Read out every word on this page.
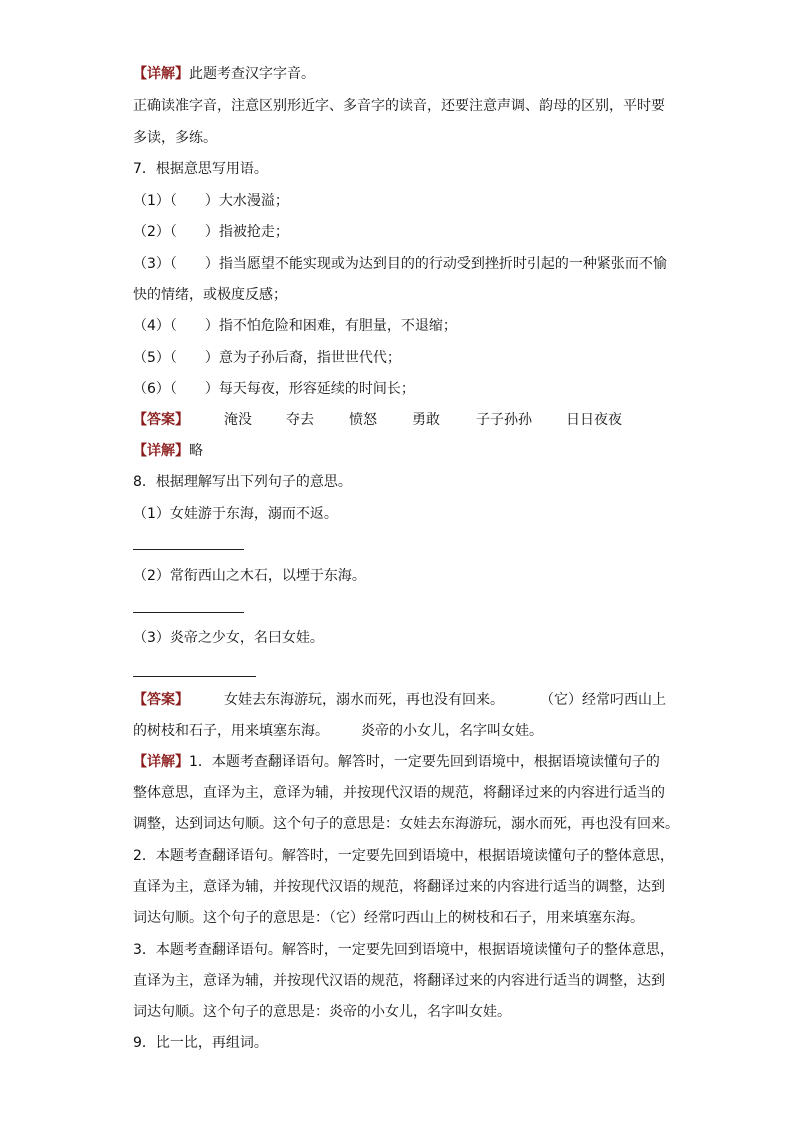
【详解】此题考查汉字字音。
正确读准字音，注意区别形近字、多音字的读音，还要注意声调、韵母的区别，平时要
多读，多练。
7．根据意思写用语。
（1）（　　）大水漫溢；
（2）（　　）指被抢走；
（3）（　　）指当愿望不能实现或为达到目的的行动受到挫折时引起的一种紧张而不愉
快的情绪，或极度反感；
（4）（　　）指不怕危险和困难，有胆量，不退缩；
（5）（　　）意为子孙后裔，指世世代代；
（6）（　　）每天每夜，形容延续的时间长；
【答案】	淹没 夺去	愤怒	勇敢	子子孙孙 日日夜夜
【详解】略
8．根据理解写出下列句子的意思。
（1）女娃游于东海，溺而不返。
（2）常衔西山之木石，以堙于东海。
（3）炎帝之少女，名曰女娃。
【答案】	女娃去东海游玩，溺水而死，再也没有回来。	（它）经常叼西山上
的树枝和石子，用来填塞东海。 炎帝的小女儿，名字叫女娃。
【详解】1．本题考查翻译语句。解答时，一定要先回到语境中，根据语境读懂句子的
整体意思，直译为主，意译为辅，并按现代汉语的规范，将翻译过来的内容进行适当的
调整，达到词达句顺。这个句子的意思是：女娃去东海游玩，溺水而死，再也没有回来。
2．本题考查翻译语句。解答时，一定要先回到语境中，根据语境读懂句子的整体意思，
直译为主，意译为辅，并按现代汉语的规范，将翻译过来的内容进行适当的调整，达到
词达句顺。这个句子的意思是：（它）经常叼西山上的树枝和石子，用来填塞东海。
3．本题考查翻译语句。解答时，一定要先回到语境中，根据语境读懂句子的整体意思，
直译为主，意译为辅，并按现代汉语的规范，将翻译过来的内容进行适当的调整，达到
词达句顺。这个句子的意思是：炎帝的小女儿，名字叫女娃。
9．比一比，再组词。
